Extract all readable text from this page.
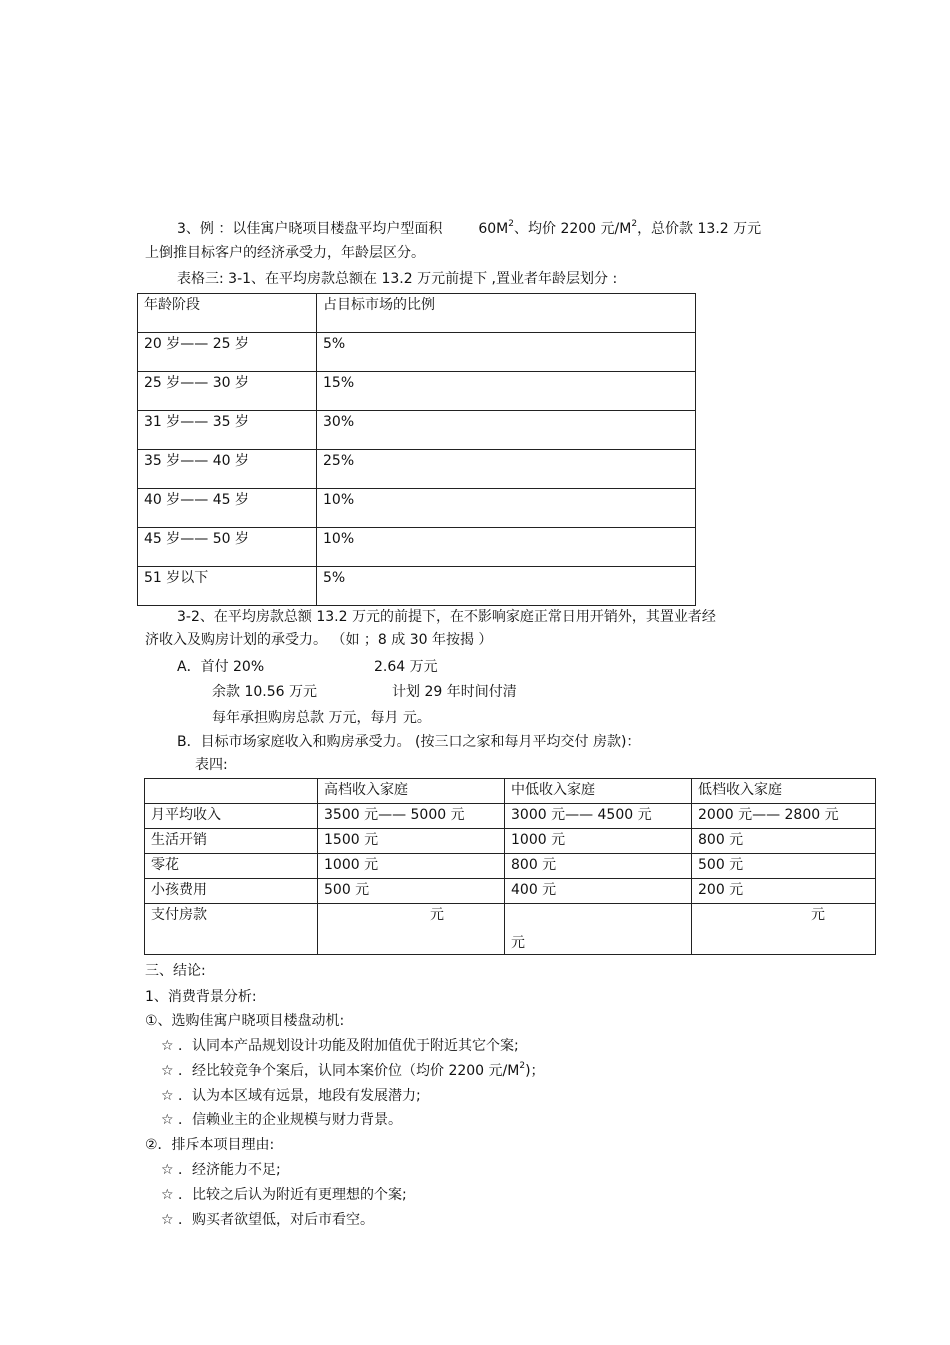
3、例 ：以佳寓户晓项目楼盘平均户型面积	$60M^2$、均价 2200 元$/M^2$，总价款 13.2 万元
上倒推目标客户的经济承受力，年龄层区分。
表格三: 3-1、在平均房款总额在 13.2 万元前提下 ,置业者年龄层划分 :
年龄阶段	占目标市场的比例
20 岁—— 25 岁	5%
25 岁—— 30 岁	15%
31 岁—— 35 岁	30%
35 岁—— 40 岁	25%
40 岁—— 45 岁	10%
45 岁—— 50 岁	10%
51 岁以下	5%
3-2、在平均房款总额 13.2 万元的前提下，在不影响家庭正常日用开销外，其置业者经
济收入及购房计划的承受力。 （如 ；8 成 30 年按揭 ）
A．首付 20%	2.64 万元
余款 10.56 万元	计划 29 年时间付清
每年承担购房总款 万元，每月 元。
B．目标市场家庭收入和购房承受力。 (按三口之家和每月平均交付 房款)：
表四:
	高档收入家庭	中低收入家庭	低档收入家庭
月平均收入	3500 元—— 5000 元	3000 元—— 4500 元	2000 元—— 2800 元
生活开销	1500 元	1000 元	800 元
零花	1000 元	800 元	500 元
小孩费用	500 元	400 元	200 元
支付房款	元	元	元
三、结论:
1、消费背景分析:
①、选购佳寓户晓项目楼盘动机:
☆ ．认同本产品规划设计功能及附加值优于附近其它个案;
☆ ．经比较竞争个案后，认同本案价位（均价 2200 元$/M^2$)；
☆ ．认为本区域有远景，地段有发展潜力;
☆ ．信赖业主的企业规模与财力背景。
②．排斥本项目理由:
☆ ．经济能力不足;
☆ ．比较之后认为附近有更理想的个案;
☆ ．购买者欲望低，对后市看空。
